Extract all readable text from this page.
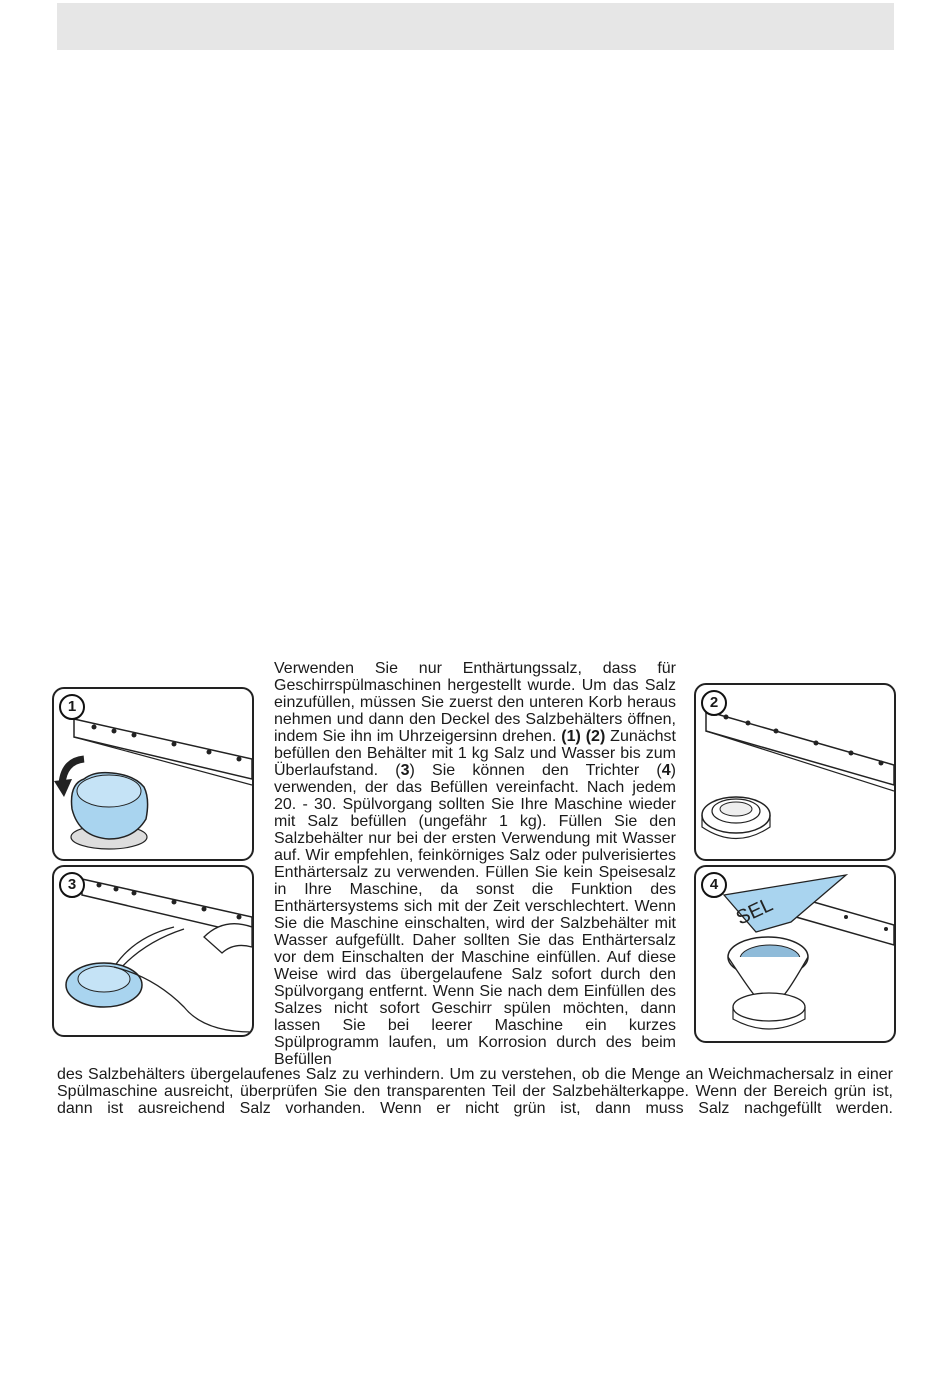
1
3
2
4
SEL

Verwenden Sie nur Enthärtungssalz, dass für Geschirrspülmaschinen hergestellt wurde. Um das Salz einzufüllen, müssen Sie zuerst den unteren Korb heraus nehmen und dann den Deckel des Salzbehälters öffnen, indem Sie ihn im Uhrzeigersinn drehen. (1) (2) Zunächst befüllen den Behälter mit 1 kg Salz und Wasser bis zum Überlaufstand. (3) Sie können den Trichter (4) verwenden, der das Befüllen vereinfacht. Nach jedem 20. - 30. Spülvorgang sollten Sie Ihre Maschine wieder mit Salz befüllen (ungefähr 1 kg). Füllen Sie den Salzbehälter nur bei der ersten Verwendung mit Wasser auf. Wir empfehlen, feinkörniges Salz oder pulverisiertes Enthärtersalz zu verwenden. Füllen Sie kein Speisesalz in Ihre Maschine, da sonst die Funktion des Enthärtersystems sich mit der Zeit verschlechtert. Wenn Sie die Maschine einschalten, wird der Salzbehälter mit Wasser aufgefüllt. Daher sollten Sie das Enthärtersalz vor dem Einschalten der Maschine einfüllen. Auf diese Weise wird das übergelaufene Salz sofort durch den Spülvorgang entfernt. Wenn Sie nach dem Einfüllen des Salzes nicht sofort Geschirr spülen möchten, dann lassen Sie bei leerer Maschine ein kurzes Spülprogramm laufen, um Korrosion durch des beim Befüllen

des Salzbehälters übergelaufenes Salz zu verhindern. Um zu verstehen, ob die Menge an Weichmachersalz in einer Spülmaschine ausreicht, überprüfen Sie den transparenten Teil der Salzbehälterkappe. Wenn der Bereich grün ist, dann ist ausreichend Salz vorhanden. Wenn er nicht grün ist, dann muss Salz nachgefüllt werden.
